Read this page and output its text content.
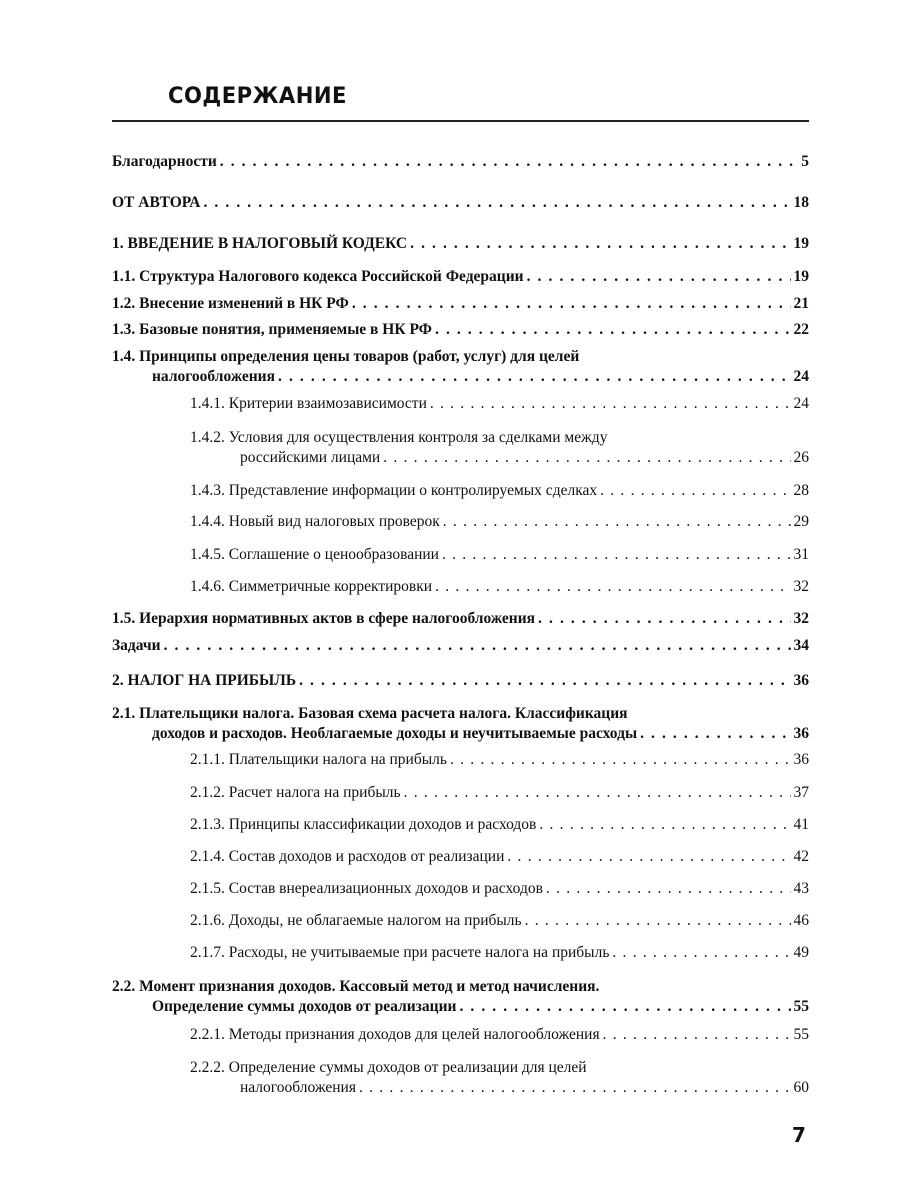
СОДЕРЖАНИЕ
Благодарности . . .	5
ОТ АВТОРА . . .	18
1. ВВЕДЕНИЕ В НАЛОГОВЫЙ КОДЕКС . . .	19
1.1. Структура Налогового кодекса Российской Федерации . . .	19
1.2. Внесение изменений в НК РФ . . .	21
1.3. Базовые понятия, применяемые в НК РФ . . .	22
1.4. Принципы определения цены товаров (работ, услуг) для целей
налогообложения . . .	24
1.4.1. Критерии взаимозависимости . . .	24
1.4.2. Условия для осуществления контроля за сделками между
российскими лицами . . .	26
1.4.3. Представление информации о контролируемых сделках . . .	28
1.4.4. Новый вид налоговых проверок . . .	29
1.4.5. Соглашение о ценообразовании . . .	31
1.4.6. Симметричные корректировки . . .	32
1.5. Иерархия нормативных актов в сфере налогообложения . . .	32
Задачи . . .	34
2. НАЛОГ НА ПРИБЫЛЬ . . .	36
2.1. Плательщики налога. Базовая схема расчета налога. Классификация
доходов и расходов. Необлагаемые доходы и неучитываемые расходы . . .	36
2.1.1. Плательщики налога на прибыль . . .	36
2.1.2. Расчет налога на прибыль . . .	37
2.1.3. Принципы классификации доходов и расходов . . .	41
2.1.4. Состав доходов и расходов от реализации . . .	42
2.1.5. Состав внереализационных доходов и расходов . . .	43
2.1.6. Доходы, не облагаемые налогом на прибыль . . .	46
2.1.7. Расходы, не учитываемые при расчете налога на прибыль . . .	49
2.2. Момент признания доходов. Кассовый метод и метод начисления.
Определение суммы доходов от реализации . . .	55
2.2.1. Методы признания доходов для целей налогообложения . . .	55
2.2.2. Определение суммы доходов от реализации для целей
налогообложения . . .	60
7
